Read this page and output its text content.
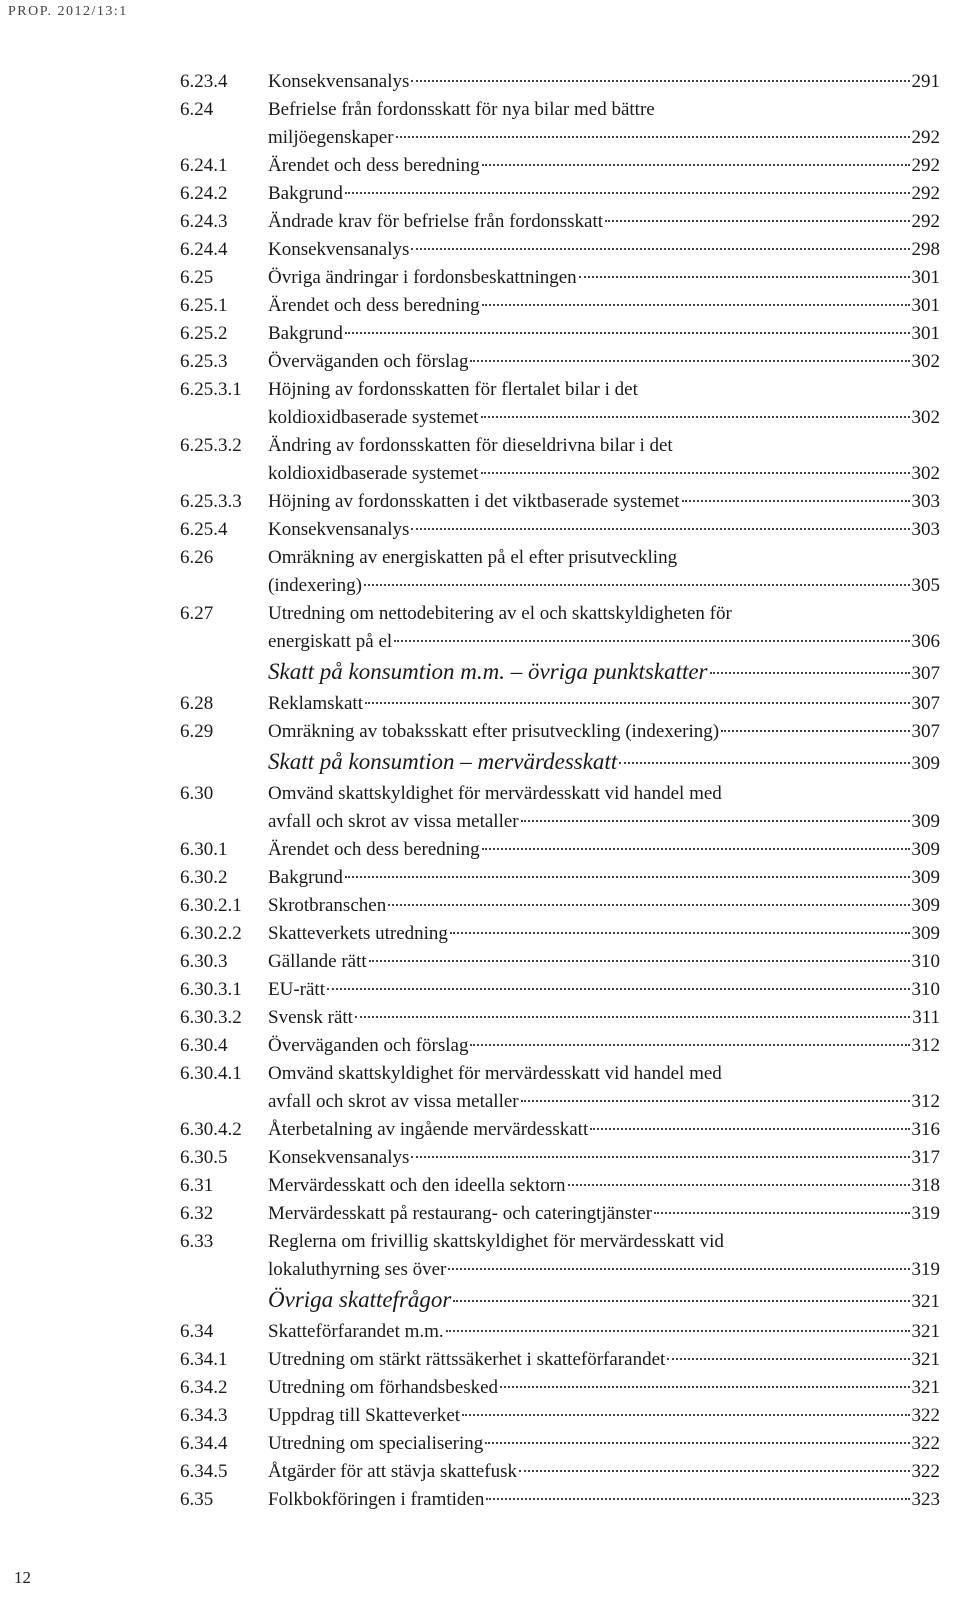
PROP. 2012/13:1
6.23.4	Konsekvensanalys	291
6.24	Befrielse från fordonsskatt för nya bilar med bättre
miljöegenskaper	292
6.24.1	Ärendet och dess beredning	292
6.24.2	Bakgrund	292
6.24.3	Ändrade krav för befrielse från fordonsskatt	292
6.24.4	Konsekvensanalys	298
6.25	Övriga ändringar i fordonsbeskattningen	301
6.25.1	Ärendet och dess beredning	301
6.25.2	Bakgrund	301
6.25.3	Överväganden och förslag	302
6.25.3.1	Höjning av fordonsskatten för flertalet bilar i det
koldioxidbaserade systemet	302
6.25.3.2	Ändring av fordonsskatten för dieseldrivna bilar i det
koldioxidbaserade systemet	302
6.25.3.3	Höjning av fordonsskatten i det viktbaserade systemet	303
6.25.4	Konsekvensanalys	303
6.26	Omräkning av energiskatten på el efter prisutveckling
(indexering)	305
6.27	Utredning om nettodebitering av el och skattskyldigheten för
energiskatt på el	306
Skatt på konsumtion m.m. – övriga punktskatter	307
6.28	Reklamskatt	307
6.29	Omräkning av tobaksskatt efter prisutveckling (indexering)	307
Skatt på konsumtion – mervärdesskatt	309
6.30	Omvänd skattskyldighet för mervärdesskatt vid handel med
avfall och skrot av vissa metaller	309
6.30.1	Ärendet och dess beredning	309
6.30.2	Bakgrund	309
6.30.2.1	Skrotbranschen	309
6.30.2.2	Skatteverkets utredning	309
6.30.3	Gällande rätt	310
6.30.3.1	EU-rätt	310
6.30.3.2	Svensk rätt	311
6.30.4	Överväganden och förslag	312
6.30.4.1	Omvänd skattskyldighet för mervärdesskatt vid handel med
avfall och skrot av vissa metaller	312
6.30.4.2	Återbetalning av ingående mervärdesskatt	316
6.30.5	Konsekvensanalys	317
6.31	Mervärdesskatt och den ideella sektorn	318
6.32	Mervärdesskatt på restaurang- och cateringtjänster	319
6.33	Reglerna om frivillig skattskyldighet för mervärdesskatt vid
lokaluthyrning ses över	319
Övriga skattefrågor	321
6.34	Skatteförfarandet m.m.	321
6.34.1	Utredning om stärkt rättssäkerhet i skatteförfarandet	321
6.34.2	Utredning om förhandsbesked	321
6.34.3	Uppdrag till Skatteverket	322
6.34.4	Utredning om specialisering	322
6.34.5	Åtgärder för att stävja skattefusk	322
6.35	Folkbokföringen i framtiden	323
12
